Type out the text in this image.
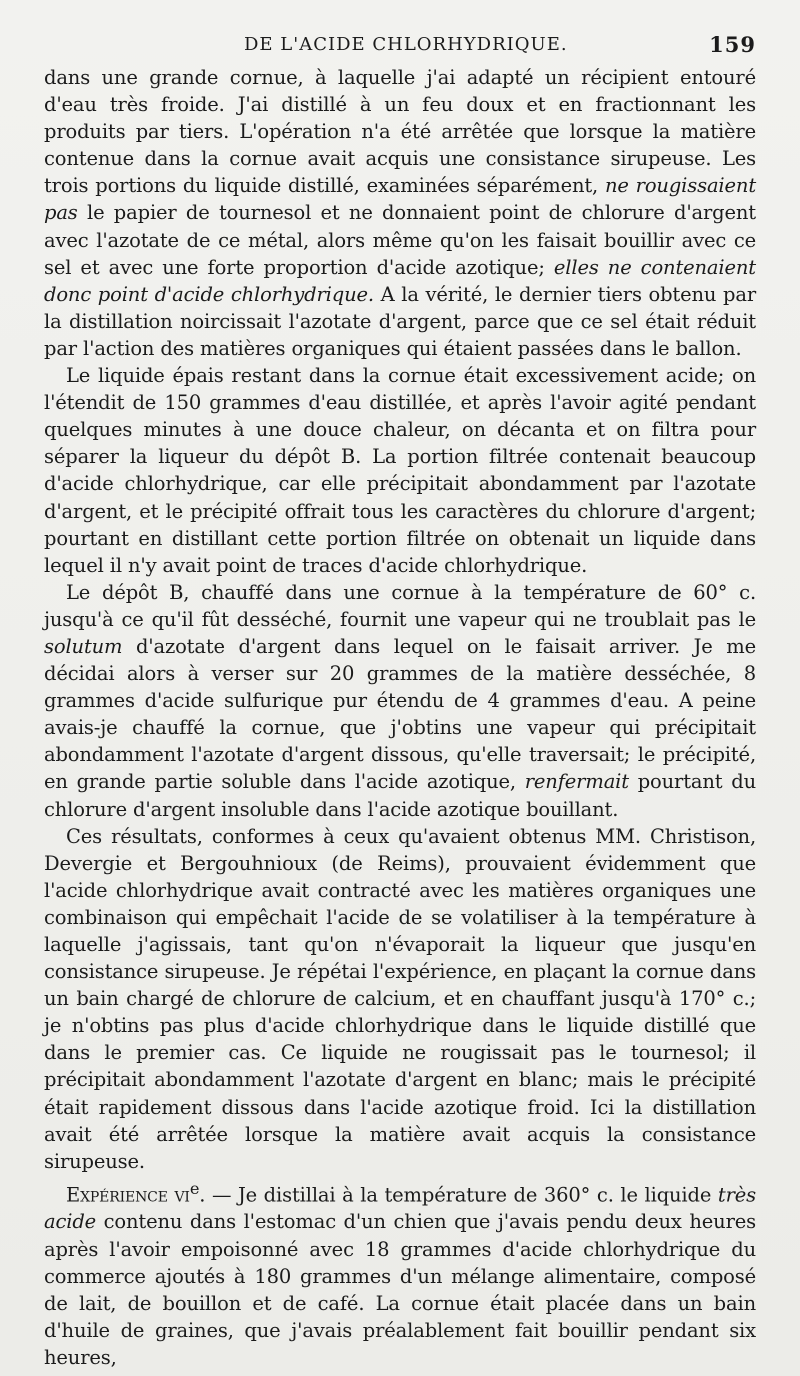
DE L'ACIDE CHLORHYDRIQUE.	159

dans une grande cornue, à laquelle j'ai adapté un récipient entouré d'eau très froide. J'ai distillé à un feu doux et en fractionnant les produits par tiers. L'opération n'a été arrêtée que lorsque la matière contenue dans la cornue avait acquis une consistance sirupeuse. Les trois portions du liquide distillé, examinées séparément, ne rougissaient pas le papier de tournesol et ne donnaient point de chlorure d'argent avec l'azotate de ce métal, alors même qu'on les faisait bouillir avec ce sel et avec une forte proportion d'acide azotique; elles ne contenaient donc point d'acide chlorhydrique. A la vérité, le dernier tiers obtenu par la distillation noircissait l'azotate d'argent, parce que ce sel était réduit par l'action des matières organiques qui étaient passées dans le ballon.

Le liquide épais restant dans la cornue était excessivement acide; on l'étendit de 150 grammes d'eau distillée, et après l'avoir agité pendant quelques minutes à une douce chaleur, on décanta et on filtra pour séparer la liqueur du dépôt B. La portion filtrée contenait beaucoup d'acide chlorhydrique, car elle précipitait abondamment par l'azotate d'argent, et le précipité offrait tous les caractères du chlorure d'argent; pourtant en distillant cette portion filtrée on obtenait un liquide dans lequel il n'y avait point de traces d'acide chlorhydrique.

Le dépôt B, chauffé dans une cornue à la température de 60° c. jusqu'à ce qu'il fût desséché, fournit une vapeur qui ne troublait pas le solutum d'azotate d'argent dans lequel on le faisait arriver. Je me décidai alors à verser sur 20 grammes de la matière desséchée, 8 grammes d'acide sulfurique pur étendu de 4 grammes d'eau. A peine avais-je chauffé la cornue, que j'obtins une vapeur qui précipitait abondamment l'azotate d'argent dissous, qu'elle traversait; le précipité, en grande partie soluble dans l'acide azotique, renfermait pourtant du chlorure d'argent insoluble dans l'acide azotique bouillant.

Ces résultats, conformes à ceux qu'avaient obtenus MM. Christison, Devergie et Bergouhnioux (de Reims), prouvaient évidemment que l'acide chlorhydrique avait contracté avec les matières organiques une combinaison qui empêchait l'acide de se volatiliser à la température à laquelle j'agissais, tant qu'on n'évaporait la liqueur que jusqu'en consistance sirupeuse. Je répétai l'expérience, en plaçant la cornue dans un bain chargé de chlorure de calcium, et en chauffant jusqu'à 170° c.; je n'obtins pas plus d'acide chlorhydrique dans le liquide distillé que dans le premier cas. Ce liquide ne rougissait pas le tournesol; il précipitait abondamment l'azotate d'argent en blanc; mais le précipité était rapidement dissous dans l'acide azotique froid. Ici la distillation avait été arrêtée lorsque la matière avait acquis la consistance sirupeuse.

Expérience $vi^e$. — Je distillai à la température de 360° c. le liquide très acide contenu dans l'estomac d'un chien que j'avais pendu deux heures après l'avoir empoisonné avec 18 grammes d'acide chlorhydrique du commerce ajoutés à 180 grammes d'un mélange alimentaire, composé de lait, de bouillon et de café. La cornue était placée dans un bain d'huile de graines, que j'avais préalablement fait bouillir pendant six heures,
